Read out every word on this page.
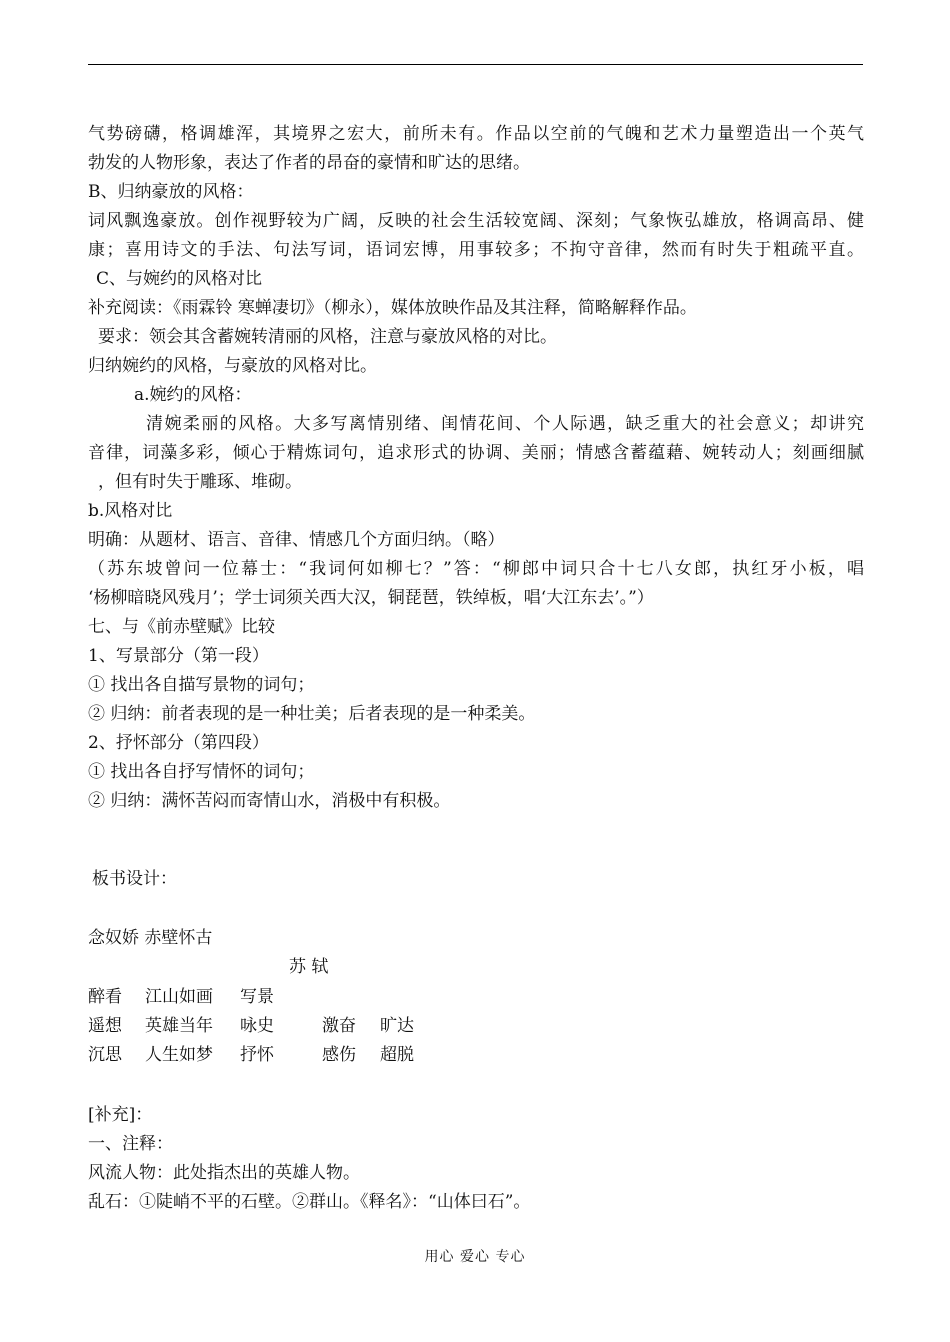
气势磅礴，格调雄浑，其境界之宏大，前所未有。作品以空前的气魄和艺术力量塑造出一个英气
勃发的人物形象，表达了作者的昂奋的豪情和旷达的思绪。
B、归纳豪放的风格：
词风飘逸豪放。创作视野较为广阔，反映的社会生活较宽阔、深刻；气象恢弘雄放，格调高昂、健
康；喜用诗文的手法、句法写词，语词宏博，用事较多；不拘守音律，然而有时失于粗疏平直。
C、与婉约的风格对比
补充阅读：《雨霖铃 寒蝉凄切》（柳永），媒体放映作品及其注释，简略解释作品。
要求：领会其含蓄婉转清丽的风格，注意与豪放风格的对比。
归纳婉约的风格，与豪放的风格对比。
a.婉约的风格：
清婉柔丽的风格。大多写离情别绪、闺情花间、个人际遇，缺乏重大的社会意义；却讲究
音律，词藻多彩，倾心于精炼词句，追求形式的协调、美丽；情感含蓄蕴藉、婉转动人；刻画细腻
，但有时失于雕琢、堆砌。
b.风格对比
明确：从题材、语言、音律、情感几个方面归纳。（略）
（苏东坡曾问一位幕士：“我词何如柳七？”答：“柳郎中词只合十七八女郎，执红牙小板，唱
‘杨柳暗晓风残月’；学士词须关西大汉，铜琵琶，铁绰板，唱‘大江东去’。”）
七、与《前赤壁赋》比较
1、写景部分（第一段）
① 找出各自描写景物的词句；
② 归纳：前者表现的是一种壮美；后者表现的是一种柔美。
2、抒怀部分（第四段）
① 找出各自抒写情怀的词句；
② 归纳：满怀苦闷而寄情山水，消极中有积极。
板书设计：
念奴娇 赤壁怀古
苏 轼
醉看 江山如画 写景
遥想 英雄当年 咏史	激奋 旷达
沉思 人生如梦 抒怀	感伤 超脱
[补充]：
一、注释：
风流人物：此处指杰出的英雄人物。
乱石：①陡峭不平的石壁。②群山。《释名》：“山体曰石”。
用心 爱心 专心
